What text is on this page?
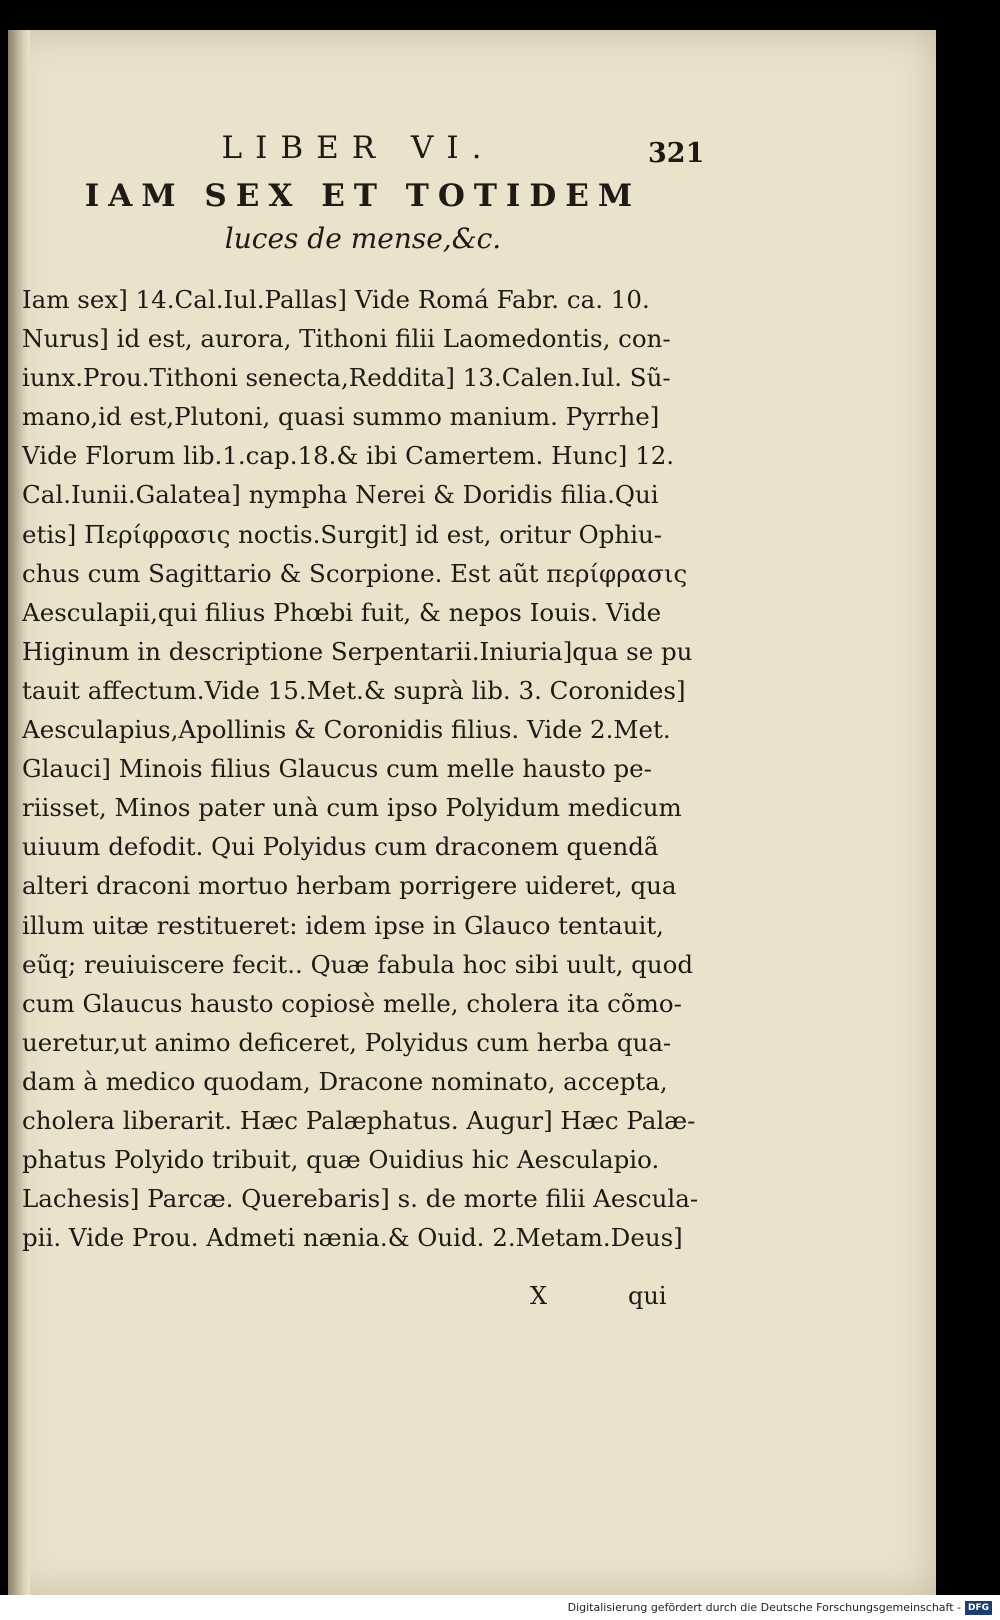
LIBER VI.	321
IAM SEX ET TOTIDEM
luces de mense,&c.
Iam sex] 14.Cal.Iul.Pallas] Vide Romá Fabr. ca. 10.
Nurus] id est, aurora, Tithoni filii Laomedontis, con-
iunx.Prou.Tithoni senecta,Reddita] 13.Calen.Iul. Sũ-
mano,id est,Plutoni, quasi summo manium. Pyrrhe]
Vide Florum lib.1.cap.18.& ibi Camertem. Hunc] 12.
Cal.Iunii.Galatea] nympha Nerei & Doridis filia.Qui
etis] Περίφρασις noctis.Surgit] id est, oritur Ophiu-
chus cum Sagittario & Scorpione. Est aũt περίφρασις
Aesculapii,qui filius Phœbi fuit, & nepos Iouis. Vide
Higinum in descriptione Serpentarii.Iniuria]qua se pu
tauit affectum.Vide 15.Met.& suprà lib. 3. Coronides]
Aesculapius,Apollinis & Coronidis filius. Vide 2.Met.
Glauci] Minois filius Glaucus cum melle hausto pe-
riisset, Minos pater unà cum ipso Polyidum medicum
uiuum defodit. Qui Polyidus cum draconem quendã
alteri draconi mortuo herbam porrigere uideret, qua
illum uitæ restitueret: idem ipse in Glauco tentauit,
eũq; reuiuiscere fecit.. Quæ fabula hoc sibi uult, quod
cum Glaucus hausto copiosè melle, cholera ita cõmo-
ueretur,ut animo deficeret, Polyidus cum herba qua-
dam à medico quodam, Dracone nominato, accepta,
cholera liberarit. Hæc Palæphatus. Augur] Hæc Palæ-
phatus Polyido tribuit, quæ Ouidius hic Aesculapio.
Lachesis] Parcæ. Querebaris] s. de morte filii Aescula-
pii. Vide Prou. Admeti nænia.& Ouid. 2.Metam.Deus]
X	qui
Digitalisierung gefördert durch die Deutsche Forschungsgemeinschaft - DFG
